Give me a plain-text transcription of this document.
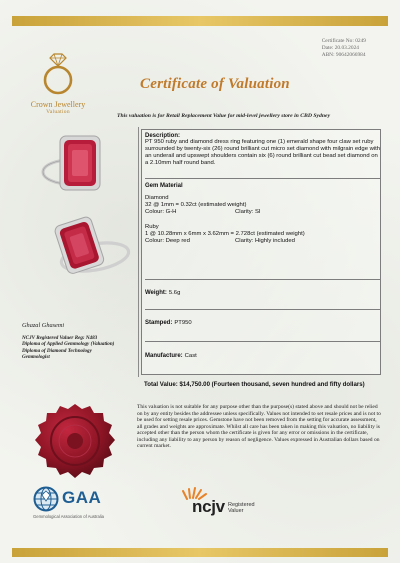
Certificate No: 0249
Date: 20.03.2024
ABN: 90642066984
Crown Jewellery
Valuation
Certificate of Valuation
This valuation is for Retail Replacement Value for mid-level jewellery store in CBD Sydney
Ghazal Ghasemi
NCJV Registered Valuer Reg: N483
Diploma of Applied Gemmology (Valuation)
Diploma of Diamond Technology
Gemmologist
Description:
PT 950 ruby and diamond dress ring featuring one (1) emerald shape four claw set ruby surrounded by twenty-six (26) round brilliant cut micro set diamond with milgrain edge with an underail and upswept shoulders contain six (6) round brilliant cut bead set diamond on a 2.10mm half round band.
Gem Material
Diamond
32 @ 1mm = 0.32ct (estimated weight)
Colour: G-H	Clarity: SI
Ruby
1 @ 10.28mm x 6mm x 3.62mm = 2.728ct (estimated weight)
Colour: Deep red	Clarity: Highly included
Weight: 5.6g
Stamped: PT950
Manufacture: Cast
Total Value: $14,750.00 (Fourteen thousand, seven hundred and fifty dollars)
This valuation is not suitable for any purpose other than the purpose(s) stated above and should not be relied on by any entity besides the addressee unless specifically. Values not intended to set resale prices and is not to be used for setting resale prices. Gemstone have not been removed from the setting for accurate assessment, all grades and weights are approximate. Whilst all care has been taken in making this valuation, no liability is accepted other than the person whom the certificate is given for any error or omissions in the certificate, including any liability to any person by reason of negligence. Values expressed in Australian dollars based on current market.
GAA
Gemmological Association of Australia
ncjv Registered
Valuer
